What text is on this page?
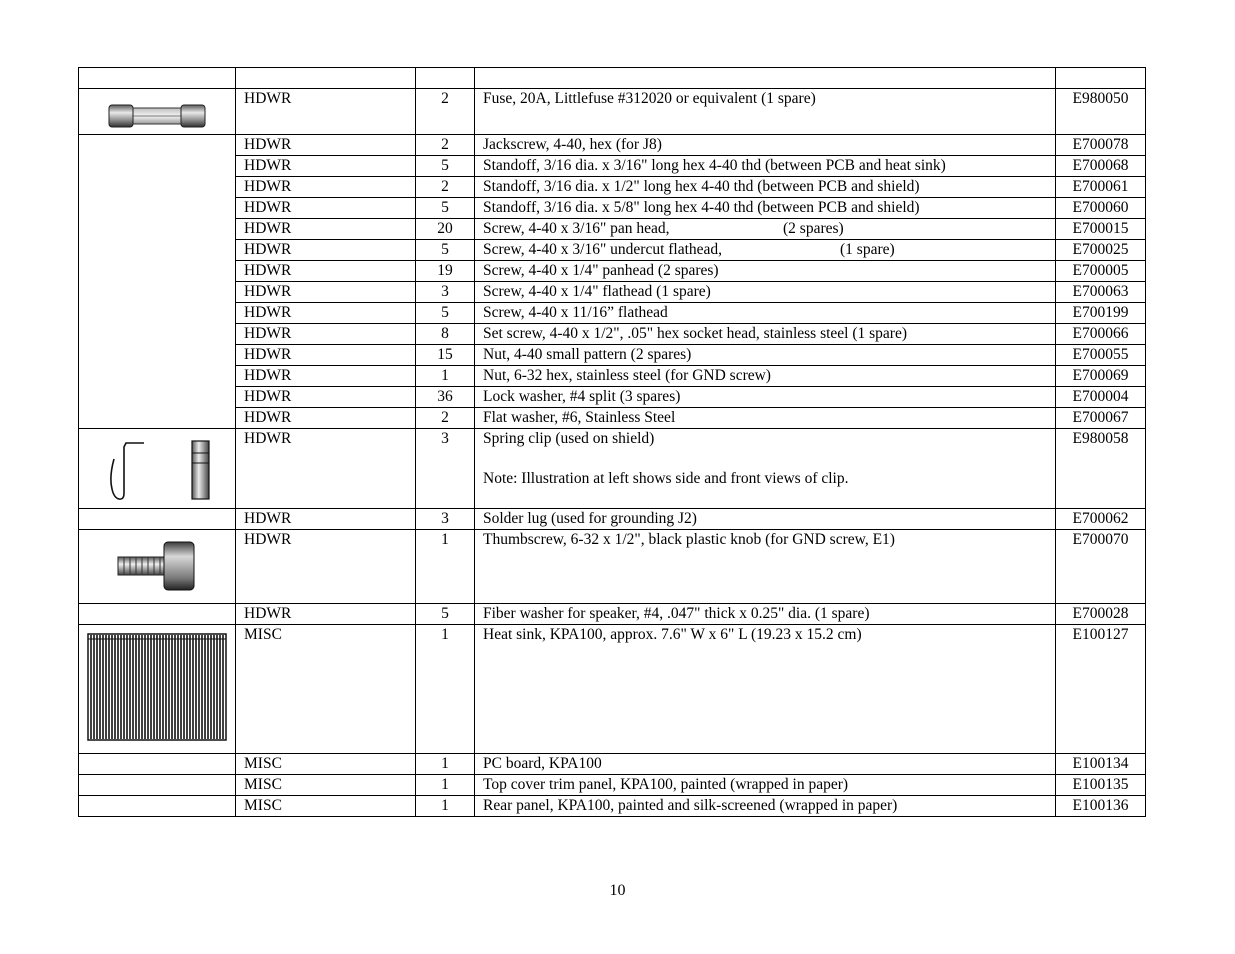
	HDWR	2	Fuse, 20A, Littlefuse #312020 or equivalent (1 spare)	E980050
	HDWR	2	Jackscrew, 4-40, hex (for J8)	E700078
	HDWR	5	Standoff, 3/16 dia. x 3/16" long hex 4-40 thd (between PCB and heat sink)	E700068
	HDWR	2	Standoff, 3/16 dia. x 1/2" long hex 4-40 thd (between PCB and shield)	E700061
	HDWR	5	Standoff, 3/16 dia. x 5/8" long hex 4-40 thd (between PCB and shield)	E700060
	HDWR	20	Screw, 4-40 x 3/16" pan head, (2 spares)	E700015
	HDWR	5	Screw, 4-40 x 3/16" undercut flathead, (1 spare)	E700025
	HDWR	19	Screw, 4-40 x 1/4" panhead (2 spares)	E700005
	HDWR	3	Screw, 4-40 x 1/4" flathead (1 spare)	E700063
	HDWR	5	Screw, 4-40 x 11/16” flathead	E700199
	HDWR	8	Set screw, 4-40 x 1/2", .05" hex socket head, stainless steel (1 spare)	E700066
	HDWR	15	Nut, 4-40 small pattern (2 spares)	E700055
	HDWR	1	Nut, 6-32 hex, stainless steel (for GND screw)	E700069
	HDWR	36	Lock washer, #4 split (3 spares)	E700004
	HDWR	2	Flat washer, #6, Stainless Steel	E700067

	HDWR	3	Spring clip (used on shield)
Note: Illustration at left shows side and front views of clip.	E980058
	HDWR	3	Solder lug (used for grounding J2)	E700062

	HDWR	1	Thumbscrew, 6-32 x 1/2", black plastic knob (for GND screw, E1)	E700070
	HDWR	5	Fiber washer for speaker, #4, .047" thick x 0.25" dia. (1 spare)	E700028

	MISC	1	Heat sink, KPA100, approx. 7.6" W x 6" L (19.23 x 15.2 cm)	E100127
	MISC	1	PC board, KPA100	E100134
	MISC	1	Top cover trim panel, KPA100, painted (wrapped in paper)	E100135
	MISC	1	Rear panel, KPA100, painted and silk-screened (wrapped in paper)	E100136
10
